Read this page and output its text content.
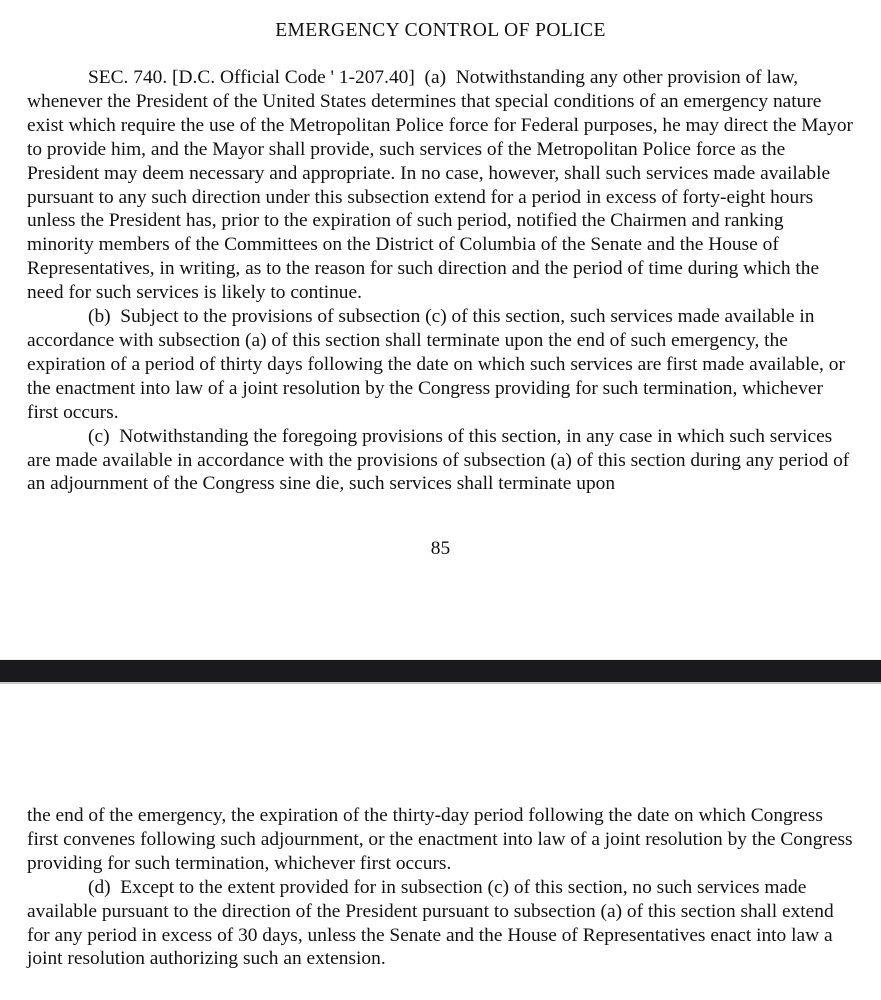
EMERGENCY CONTROL OF POLICE

SEC. 740. [D.C. Official Code ' 1-207.40]  (a)  Notwithstanding any other provision of law, whenever the President of the United States determines that special conditions of an emergency nature exist which require the use of the Metropolitan Police force for Federal purposes, he may direct the Mayor to provide him, and the Mayor shall provide, such services of the Metropolitan Police force as the President may deem necessary and appropriate. In no case, however, shall such services made available pursuant to any such direction under this subsection extend for a period in excess of forty-eight hours unless the President has, prior to the expiration of such period, notified the Chairmen and ranking minority members of the Committees on the District of Columbia of the Senate and the House of Representatives, in writing, as to the reason for such direction and the period of time during which the need for such services is likely to continue.

(b)  Subject to the provisions of subsection (c) of this section, such services made available in accordance with subsection (a) of this section shall terminate upon the end of such emergency, the expiration of a period of thirty days following the date on which such services are first made available, or the enactment into law of a joint resolution by the Congress providing for such termination, whichever first occurs.

(c)  Notwithstanding the foregoing provisions of this section, in any case in which such services are made available in accordance with the provisions of subsection (a) of this section during any period of an adjournment of the Congress sine die, such services shall terminate upon

85

the end of the emergency, the expiration of the thirty-day period following the date on which Congress first convenes following such adjournment, or the enactment into law of a joint resolution by the Congress providing for such termination, whichever first occurs.

(d)  Except to the extent provided for in subsection (c) of this section, no such services made available pursuant to the direction of the President pursuant to subsection (a) of this section shall extend for any period in excess of 30 days, unless the Senate and the House of Representatives enact into law a joint resolution authorizing such an extension.
